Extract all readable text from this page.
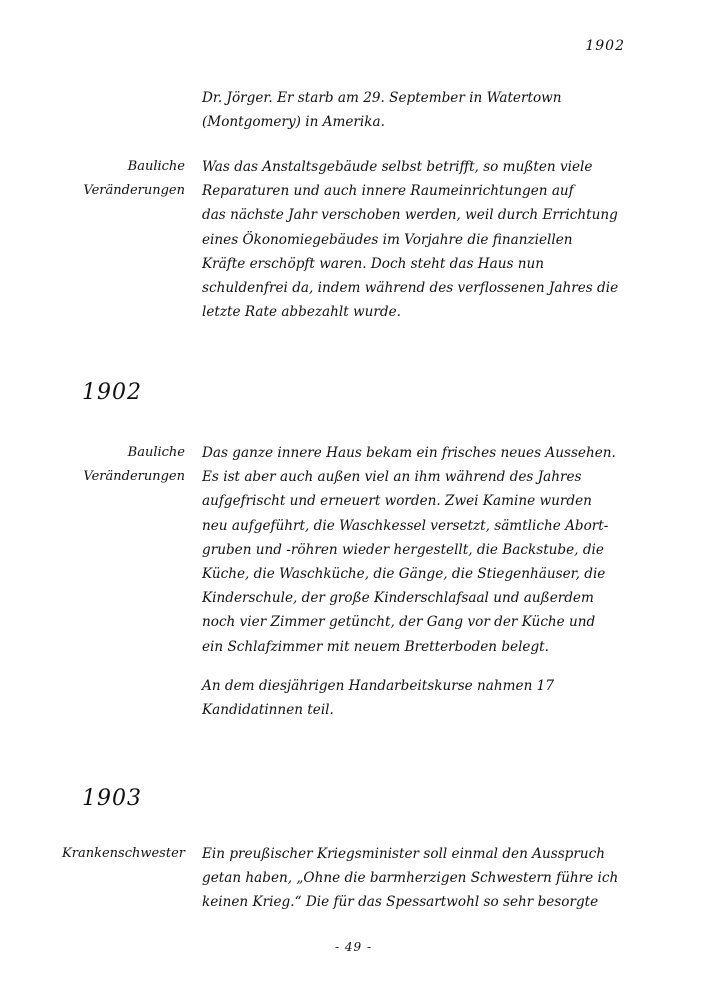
1902
Dr. Jörger. Er starb am 29. September in Watertown
(Montgomery) in Amerika.
Bauliche
Veränderungen
Was das Anstaltsgebäude selbst betrifft, so mußten viele
Reparaturen und auch innere Raumeinrichtungen auf
das nächste Jahr verschoben werden, weil durch Errichtung
eines Ökonomiegebäudes im Vorjahre die finanziellen
Kräfte erschöpft waren. Doch steht das Haus nun
schuldenfrei da, indem während des verflossenen Jahres die
letzte Rate abbezahlt wurde.
1902
Bauliche
Veränderungen
Das ganze innere Haus bekam ein frisches neues Aussehen.
Es ist aber auch außen viel an ihm während des Jahres
aufgefrischt und erneuert worden. Zwei Kamine wurden
neu aufgeführt, die Waschkessel versetzt, sämtliche Abort-
gruben und -röhren wieder hergestellt, die Backstube, die
Küche, die Waschküche, die Gänge, die Stiegenhäuser, die
Kinderschule, der große Kinderschlafsaal und außerdem
noch vier Zimmer getüncht, der Gang vor der Küche und
ein Schlafzimmer mit neuem Bretterboden belegt.
An dem diesjährigen Handarbeitskurse nahmen 17
Kandidatinnen teil.
1903
Krankenschwester Ein preußischer Kriegsminister soll einmal den Ausspruch
getan haben, „Ohne die barmherzigen Schwestern führe ich
keinen Krieg.“ Die für das Spessartwohl so sehr besorgte
- 49 -
